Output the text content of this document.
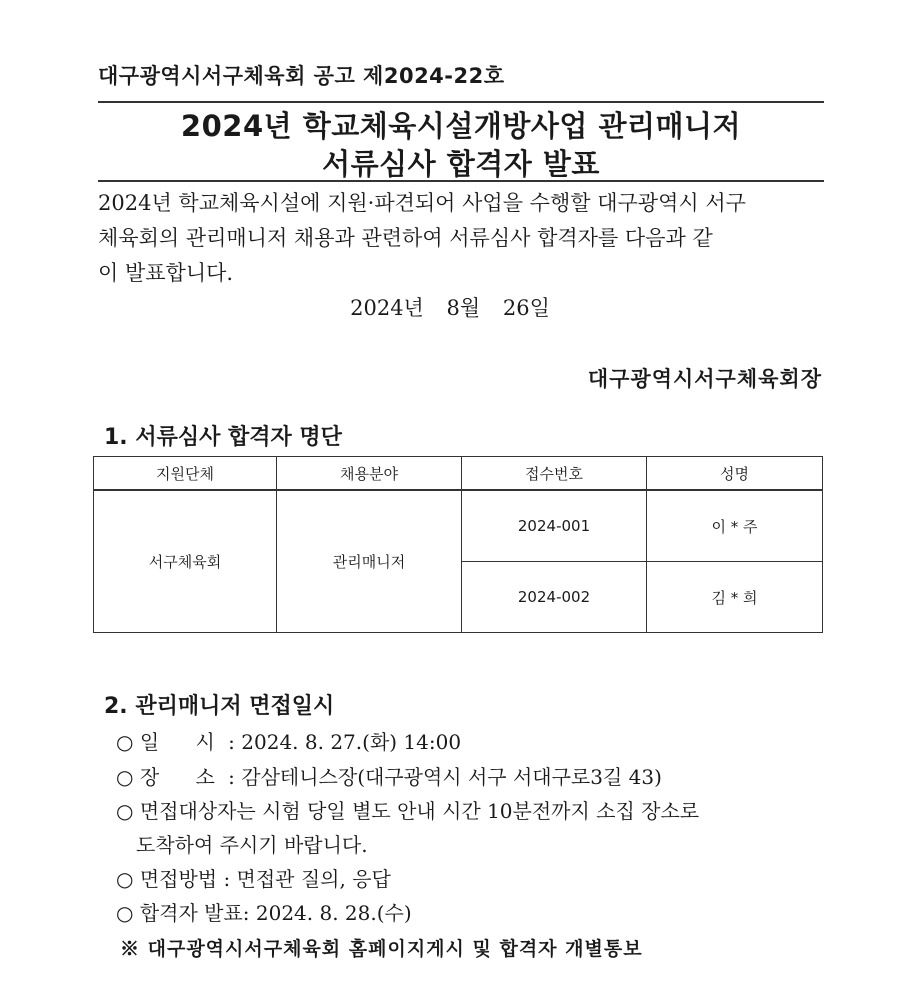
대구광역시서구체육회 공고 제2024-22호
2024년 학교체육시설개방사업 관리매니저
서류심사 합격자 발표
2024년 학교체육시설에 지원·파견되어 사업을 수행할 대구광역시 서구
체육회의 관리매니저 채용과 관련하여 서류심사 합격자를 다음과 같
이 발표합니다.
2024년 8월 26일
대구광역시서구체육회장
1. 서류심사 합격자 명단
지원단체	채용분야	접수번호	성명
서구체육회	관리매니저	2024-001	이 * 주
		2024-002	김 * 희
2. 관리매니저 면접일시
○ 일 시 : 2024. 8. 27.(화) 14:00
○ 장 소 : 감삼테니스장(대구광역시 서구 서대구로3길 43)
○ 면접대상자는 시험 당일 별도 안내 시간 10분전까지 소집 장소로
도착하여 주시기 바랍니다.
○ 면접방법 : 면접관 질의, 응답
○ 합격자 발표: 2024. 8. 28.(수)
※ 대구광역시서구체육회 홈페이지게시 및 합격자 개별통보
